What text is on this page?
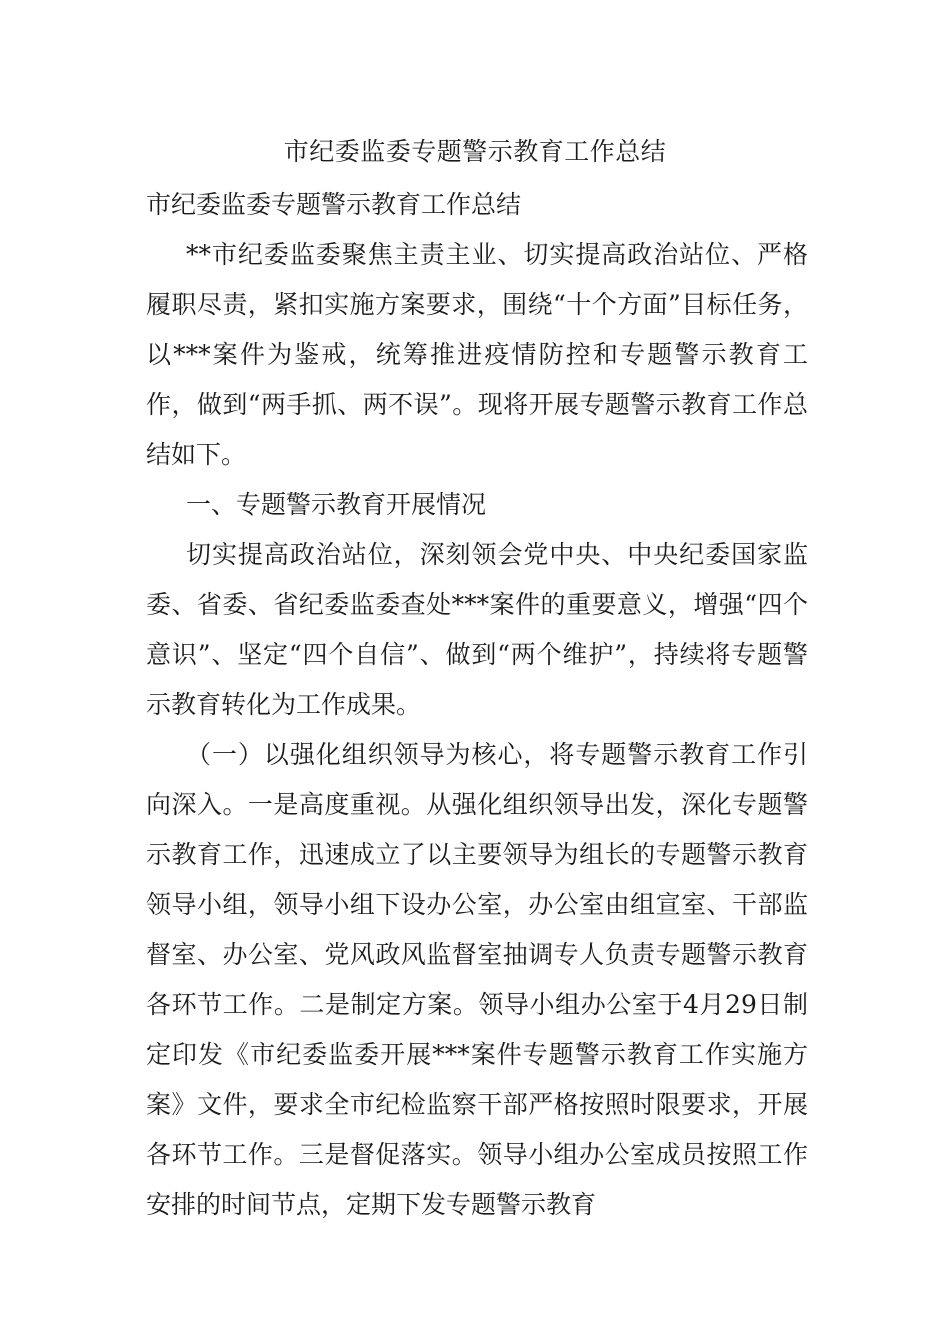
市纪委监委专题警示教育工作总结

市纪委监委专题警示教育工作总结

**市纪委监委聚焦主责主业、切实提高政治站位、严格履职尽责，紧扣实施方案要求，围绕“十个方面”目标任务，以***案件为鉴戒，统筹推进疫情防控和专题警示教育工作，做到“两手抓、两不误”。现将开展专题警示教育工作总结如下。

一、专题警示教育开展情况

切实提高政治站位，深刻领会党中央、中央纪委国家监委、省委、省纪委监委查处***案件的重要意义，增强“四个意识”、坚定“四个自信”、做到“两个维护”，持续将专题警示教育转化为工作成果。

（一）以强化组织领导为核心，将专题警示教育工作引向深入。一是高度重视。从强化组织领导出发，深化专题警示教育工作，迅速成立了以主要领导为组长的专题警示教育领导小组，领导小组下设办公室，办公室由组宣室、干部监督室、办公室、党风政风监督室抽调专人负责专题警示教育各环节工作。二是制定方案。领导小组办公室于4月29日制定印发《市纪委监委开展***案件专题警示教育工作实施方案》文件，要求全市纪检监察干部严格按照时限要求，开展各环节工作。三是督促落实。领导小组办公室成员按照工作安排的时间节点，定期下发专题警示教育
